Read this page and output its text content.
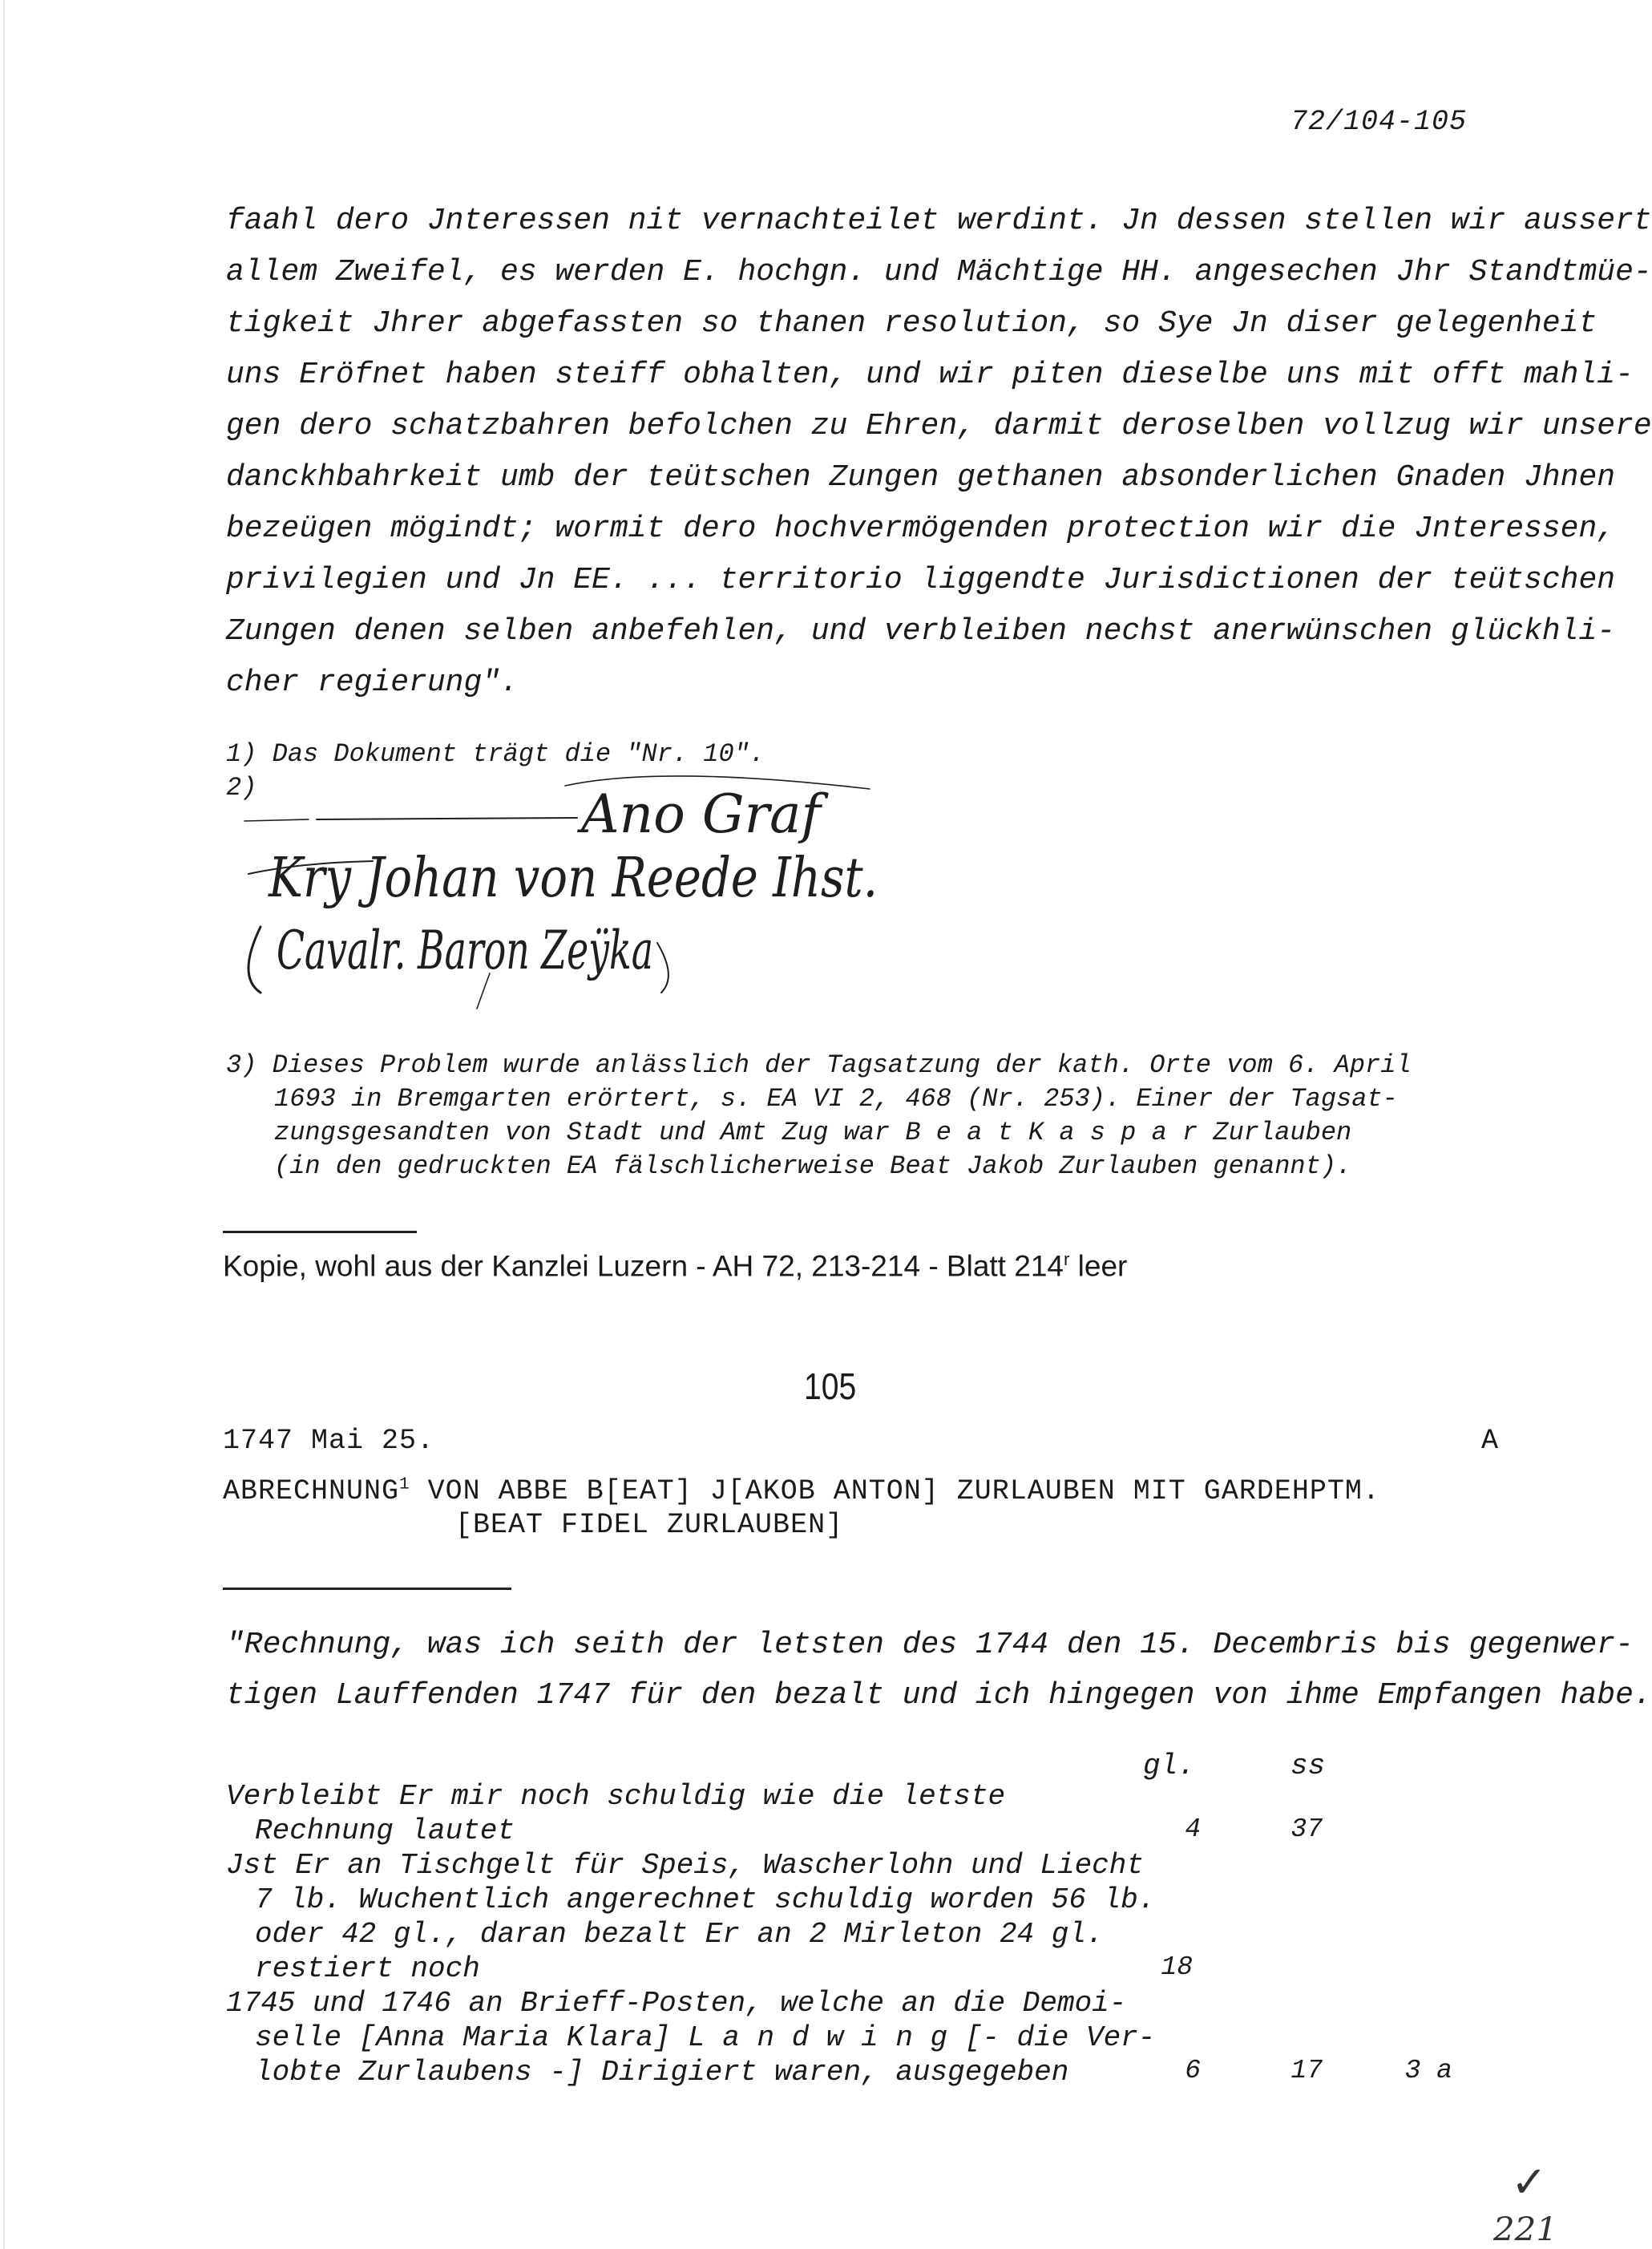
72/104-105
faahl dero Jnteressen nit vernachteilet werdint. Jn dessen stellen wir aussert
allem Zweifel, es werden E. hochgn. und Mächtige HH. angesechen Jhr Standtmüe-
tigkeit Jhrer abgefassten so thanen resolution, so Sye Jn diser gelegenheit
uns Eröfnet haben steiff obhalten, und wir piten dieselbe uns mit offt mahli-
gen dero schatzbahren befolchen zu Ehren, darmit deroselben vollzug wir unsere
danckhbahrkeit umb der teütschen Zungen gethanen absonderlichen Gnaden Jhnen
bezeügen mögindt; wormit dero hochvermögenden protection wir die Jnteressen,
privilegien und Jn EE. ... territorio liggendte Jurisdictionen der teütschen
Zungen denen selben anbefehlen, und verbleiben nechst anerwünschen glückhli-
cher regierung".
1) Das Dokument trägt die "Nr. 10".
2)	Ano Graf
Kry Johan von Reede Ihst.
Cavalr. Baron Zeÿka
3) Dieses Problem wurde anlässlich der Tagsatzung der kath. Orte vom 6. April
1693 in Bremgarten erörtert, s. EA VI 2, 468 (Nr. 253). Einer der Tagsat-
zungsgesandten von Stadt und Amt Zug war B e a t K a s p a r Zurlauben
(in den gedruckten EA fälschlicherweise Beat Jakob Zurlauben genannt).
Kopie, wohl aus der Kanzlei Luzern - AH 72, 213-214 - Blatt 214$^r$ leer
105
1747 Mai 25.	A
ABRECHNUNG$^1$ VON ABBE B[EAT] J[AKOB ANTON] ZURLAUBEN MIT GARDEHPTM.
[BEAT FIDEL ZURLAUBEN]
"Rechnung, was ich seith der letsten des 1744 den 15. Decembris bis gegenwer-
tigen Lauffenden 1747 für den bezalt und ich hingegen von ihme Empfangen habe.
gl.	ss
Verbleibt Er mir noch schuldig wie die letste
Rechnung lautet	4	37
Jst Er an Tischgelt für Speis, Wascherlohn und Liecht
7 lb. Wuchentlich angerechnet schuldig worden 56 lb.
oder 42 gl., daran bezalt Er an 2 Mirleton 24 gl.
restiert noch	18
1745 und 1746 an Brieff-Posten, welche an die Demoi-
selle [Anna Maria Klara] L a n d w i n g [- die Ver-
lobte Zurlaubens -] Dirigiert waren, ausgegeben	6	17	3 a
✓
221
